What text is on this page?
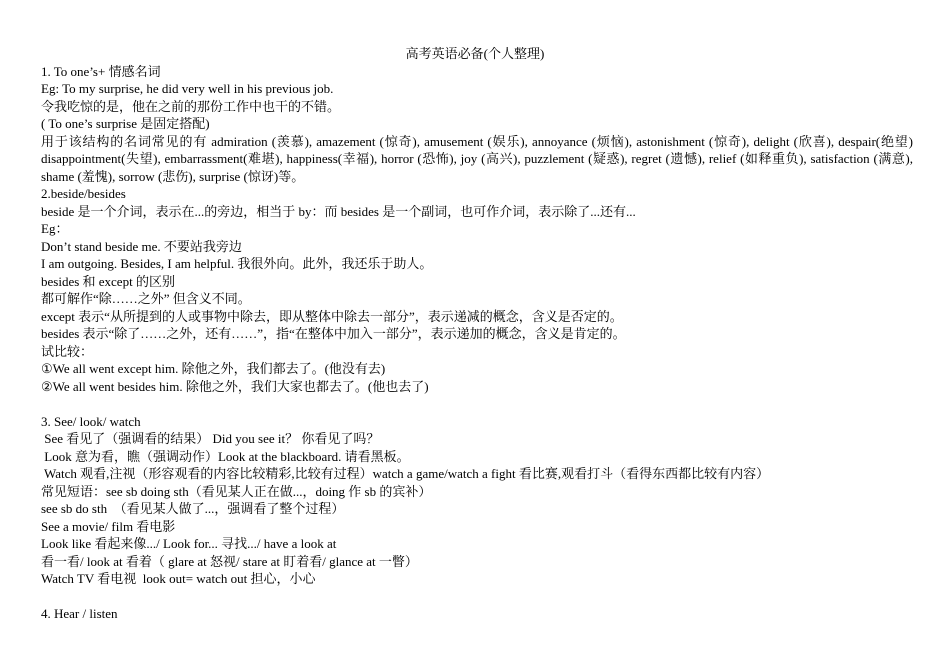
高考英语必备(个人整理)
1. To one’s+ 情感名词
Eg: To my surprise, he did very well in his previous job.
令我吃惊的是，他在之前的那份工作中也干的不错。
( To one’s surprise 是固定搭配)
用于该结构的名词常见的有 admiration (羡慕), amazement (惊奇), amusement (娱乐), annoyance (烦恼), astonishment (惊奇), delight (欣喜), despair(绝望) disappointment(失望), embarrassment(难堪), happiness(幸福), horror (恐怖), joy (高兴), puzzlement (疑惑), regret (遗憾), relief (如释重负), satisfaction (满意), shame (羞愧), sorrow (悲伤), surprise (惊讶)等。
2.beside/besides
beside 是一个介词，表示在...的旁边，相当于 by：而 besides 是一个副词，也可作介词，表示除了...还有...
Eg：
Don’t stand beside me. 不要站我旁边
I am outgoing. Besides, I am helpful. 我很外向。此外，我还乐于助人。
besides 和 except 的区别
都可解作“除……之外” 但含义不同。
except 表示“从所提到的人或事物中除去，即从整体中除去一部分”，表示递减的概念，含义是否定的。
besides 表示“除了……之外，还有……”，指“在整体中加入一部分”，表示递加的概念，含义是肯定的。
试比较：
①We all went except him. 除他之外，我们都去了。(他没有去)
②We all went besides him. 除他之外，我们大家也都去了。(他也去了)
3. See/ look/ watch
See 看见了（强调看的结果） Did you see it？ 你看见了吗？
Look 意为看，瞧（强调动作）Look at the blackboard. 请看黑板。
Watch 观看,注视（形容观看的内容比较精彩,比较有过程）watch a game/watch a fight 看比赛,观看打斗（看得东西都比较有内容）
常见短语：see sb doing sth（看见某人正在做...，doing 作 sb 的宾补）
see sb do sth  （看见某人做了...，强调看了整个过程）
See a movie/ film 看电影
Look like 看起来像.../ Look for... 寻找.../ have a look at
看一看/ look at 看着（ glare at 怒视/ stare at 盯着看/ glance at 一瞥）
Watch TV 看电视  look out= watch out 担心，小心
4. Hear / listen
